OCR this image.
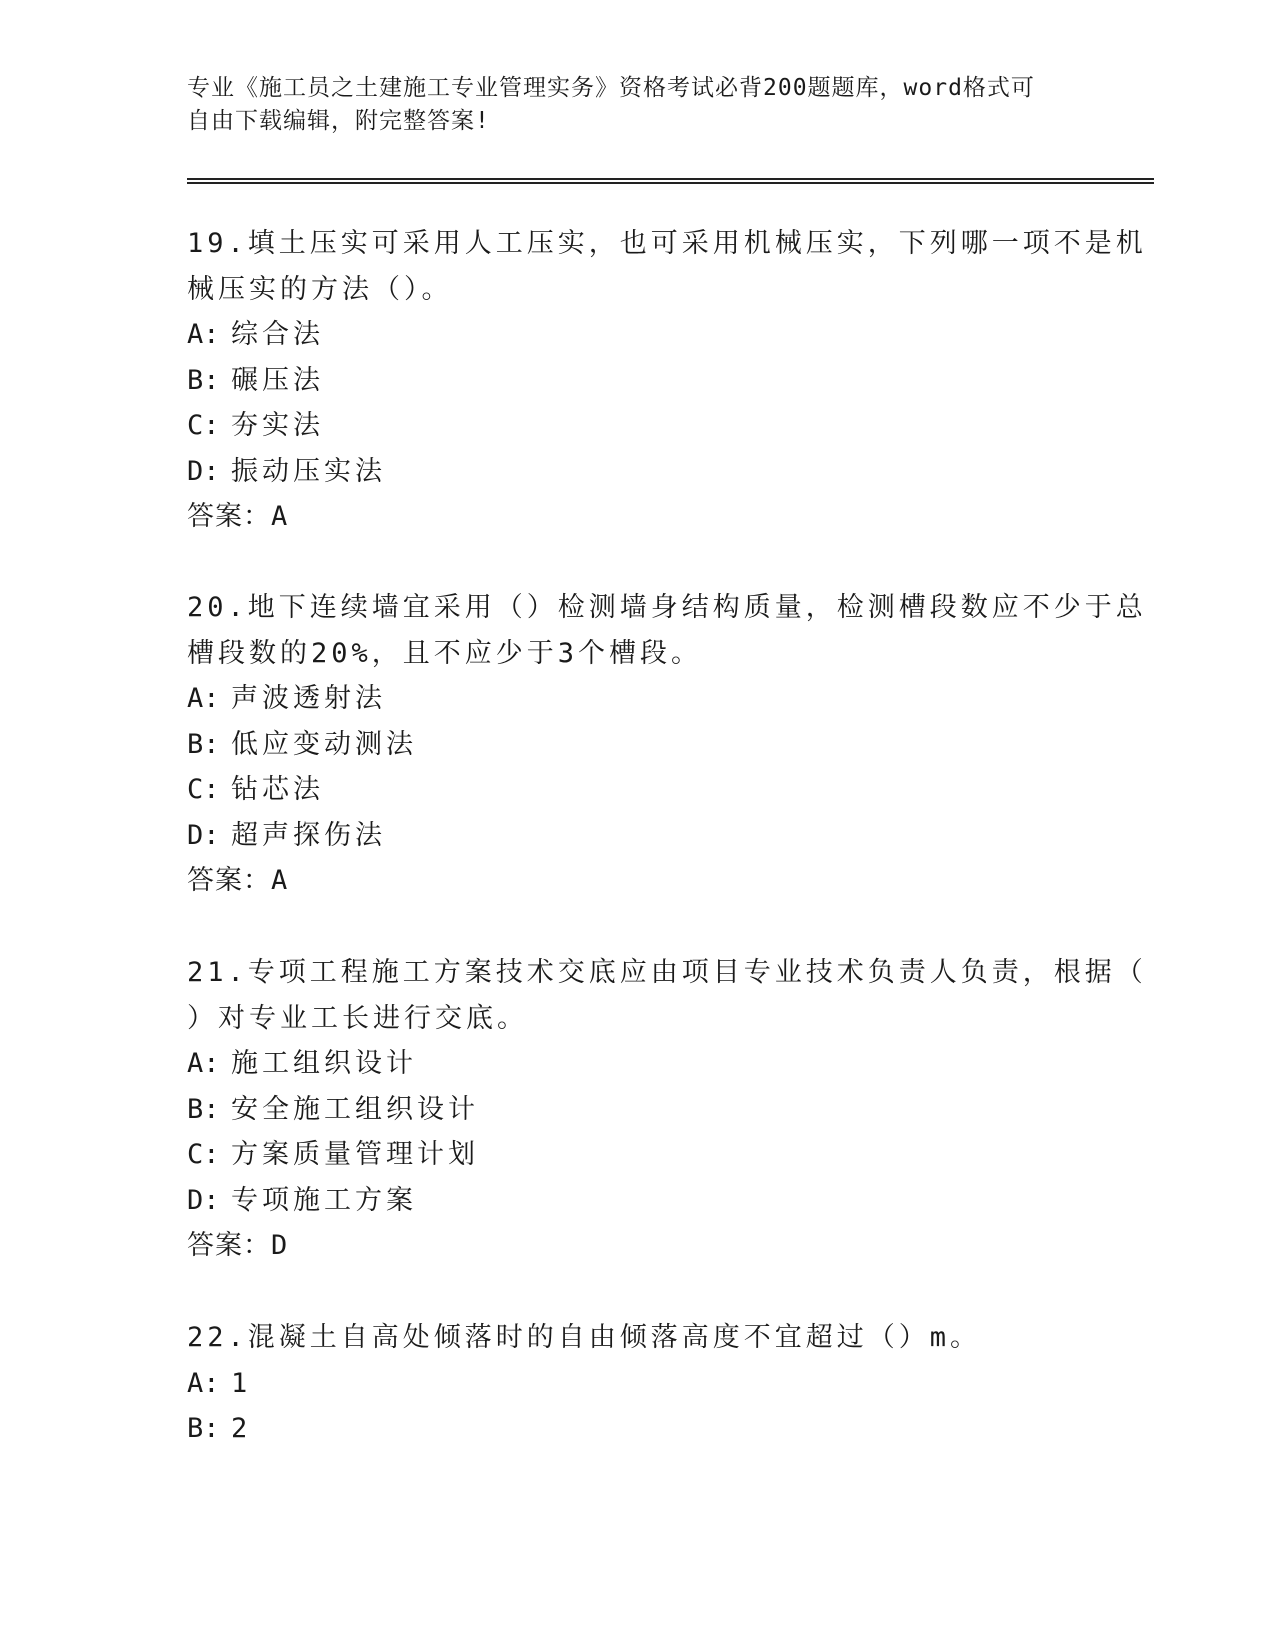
专业《施工员之土建施工专业管理实务》资格考试必背200题题库，word格式可
自由下载编辑，附完整答案!
19.填土压实可采用人工压实，也可采用机械压实，下列哪一项不是机
械压实的方法（）。
A: 综合法
B: 碾压法
C: 夯实法
D: 振动压实法
答案：A
20.地下连续墙宜采用（）检测墙身结构质量，检测槽段数应不少于总
槽段数的20%，且不应少于3个槽段。
A: 声波透射法
B: 低应变动测法
C: 钻芯法
D: 超声探伤法
答案：A
21.专项工程施工方案技术交底应由项目专业技术负责人负责，根据（
）对专业工长进行交底。
A: 施工组织设计
B: 安全施工组织设计
C: 方案质量管理计划
D: 专项施工方案
答案：D
22.混凝土自高处倾落时的自由倾落高度不宜超过（）m。
A: 1
B: 2
